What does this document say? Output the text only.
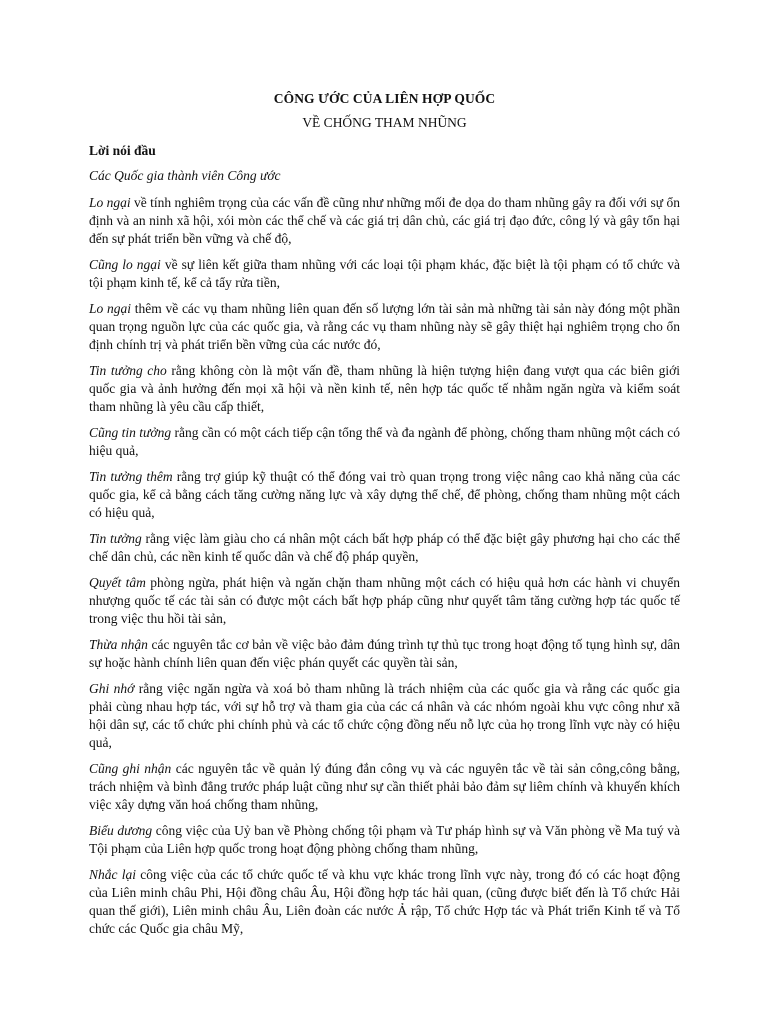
CÔNG ƯỚC CỦA LIÊN HỢP QUỐC

VỀ CHỐNG THAM NHŨNG

Lời nói đầu

Các Quốc gia thành viên Công ước

Lo ngại về tính nghiêm trọng của các vấn đề cũng như những mối đe dọa do tham nhũng gây ra đối với sự ổn định và an ninh xã hội, xói mòn các thể chế và các giá trị dân chủ, các giá trị đạo đức, công lý và gây tổn hại đến sự phát triển bền vững và chế độ,

Cũng lo ngại về sự liên kết giữa tham nhũng với các loại tội phạm khác, đặc biệt là tội phạm có tổ chức và tội phạm kinh tế, kể cả tẩy rửa tiền,

Lo ngại thêm về các vụ tham nhũng liên quan đến số lượng lớn tài sản mà những tài sản này đóng một phần quan trọng nguồn lực của các quốc gia, và rằng các vụ tham nhũng này sẽ gây thiệt hại nghiêm trọng cho ổn định chính trị và phát triển bền vững của các nước đó,

Tin tưởng cho rằng không còn là một vấn đề, tham nhũng là hiện tượng hiện đang vượt qua các biên giới quốc gia và ảnh hưởng đến mọi xã hội và nền kinh tế, nên hợp tác quốc tế nhằm ngăn ngừa và kiểm soát tham nhũng là yêu cầu cấp thiết,

Cũng tin tưởng rằng cần có một cách tiếp cận tổng thể và đa ngành để phòng, chống tham nhũng một cách có hiệu quả,

Tin tưởng thêm rằng trợ giúp kỹ thuật có thể đóng vai trò quan trọng trong việc nâng cao khả năng của các quốc gia, kể cả bằng cách tăng cường năng lực và xây dựng thể chế, để phòng, chống tham nhũng một cách có hiệu quả,

Tin tưởng rằng việc làm giàu cho cá nhân một cách bất hợp pháp có thể đặc biệt gây phương hại cho các thể chế dân chủ, các nền kinh tế quốc dân và chế độ pháp quyền,

Quyết tâm phòng ngừa, phát hiện và ngăn chặn tham nhũng một cách có hiệu quả hơn các hành vi chuyển nhượng quốc tế các tài sản có được một cách bất hợp pháp cũng như quyết tâm tăng cường hợp tác quốc tế trong việc thu hồi tài sản,

Thừa nhận các nguyên tắc cơ bản về việc bảo đảm đúng trình tự thủ tục trong hoạt động tố tụng hình sự, dân sự hoặc hành chính liên quan đến việc phán quyết các quyền tài sản,

Ghi nhớ rằng việc ngăn ngừa và xoá bỏ tham nhũng là trách nhiệm của các quốc gia và rằng các quốc gia phải cùng nhau hợp tác, với sự hỗ trợ và tham gia của các cá nhân và các nhóm ngoài khu vực công như xã hội dân sự, các tổ chức phi chính phủ và các tổ chức cộng đồng nếu nỗ lực của họ trong lĩnh vực này có hiệu quả,

Cũng ghi nhận các nguyên tắc về quản lý đúng đắn công vụ và các nguyên tắc về tài sản công,công bằng, trách nhiệm và bình đẳng trước pháp luật cũng như sự cần thiết phải bảo đảm sự liêm chính và khuyến khích việc xây dựng văn hoá chống tham nhũng,

Biểu dương công việc của Uỷ ban về Phòng chống tội phạm và Tư pháp hình sự và Văn phòng về Ma tuý và Tội phạm của Liên hợp quốc trong hoạt động phòng chống tham nhũng,

Nhắc lại công việc của các tổ chức quốc tế và khu vực khác trong lĩnh vực này, trong đó có các hoạt động của Liên minh châu Phi, Hội đồng châu Âu, Hội đồng hợp tác hải quan, (cũng được biết đến là Tổ chức Hải quan thế giới), Liên minh châu Âu, Liên đoàn các nước Ả rập, Tổ chức Hợp tác và Phát triển Kinh tế và Tổ chức các Quốc gia châu Mỹ,
